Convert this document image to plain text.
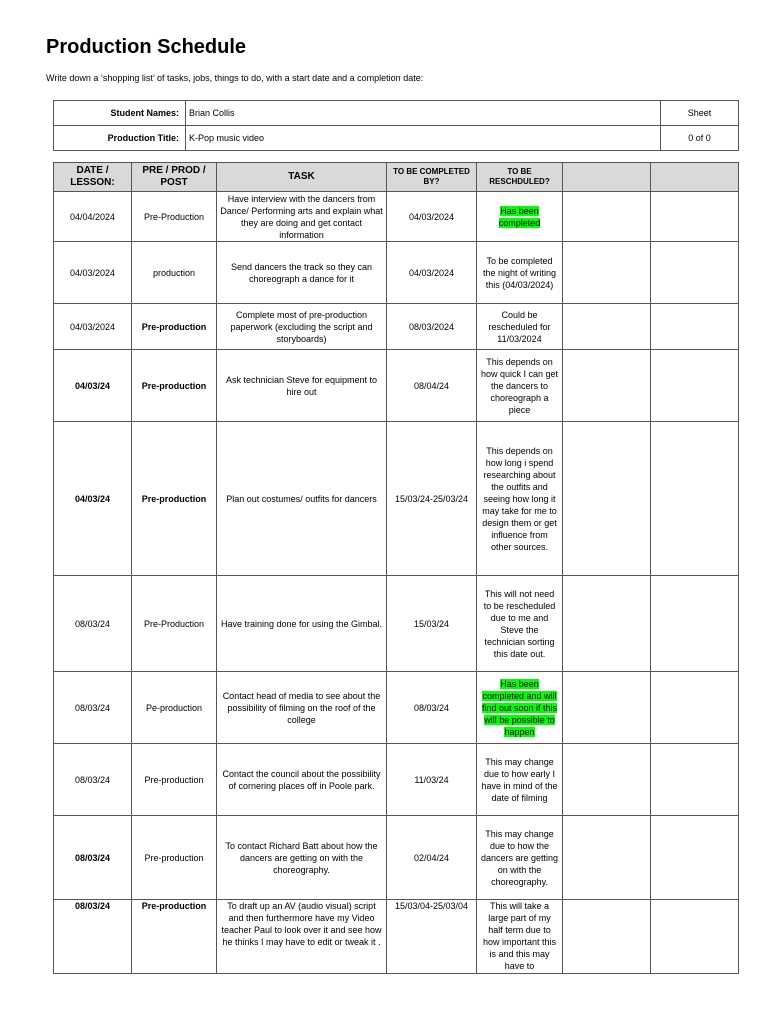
Production Schedule
Write down a ‘shopping list’ of tasks, jobs, things to do, with a start date and a completion date:
Student Names:	Brian Collis	Sheet
Production Title:	K-Pop music video	0 of 0
DATE / LESSON:	PRE / PROD / POST	TASK	TO BE COMPLETED BY?	TO BE RESCHDULED?		
04/04/2024	Pre-Production	Have interview with the dancers from Dance/ Performing arts and explain what they are doing and get contact information	04/03/2024	Has been completed		
04/03/2024	production	Send dancers the track so they can choreograph a dance for it	04/03/2024	To be completed the night of writing this (04/03/2024)		
04/03/2024	Pre-production	Complete most of pre-production paperwork (excluding the script and storyboards)	08/03/2024	Could be rescheduled for 11/03/2024		
04/03/24	Pre-production	Ask technician Steve for equipment to hire out	08/04/24	This depends on how quick I can get the dancers to choreograph a piece		
04/03/24	Pre-production	Plan out costumes/ outfits for dancers	15/03/24-25/03/24	This depends on how long i spend researching about the outfits and seeing how long it may take for me to design them or get influence from other sources.		
08/03/24	Pre-Production	Have training done for using the Gimbal.	15/03/24	This will not need to be rescheduled due to me and Steve the technician sorting this date out.		
08/03/24	Pe-production	Contact head of media to see about the possibility of filming on the roof of the college	08/03/24	Has been completed and will find out soon if this will be possible to happen		
08/03/24	Pre-production	Contact the council about the possibility of cornering places off in Poole park.	11/03/24	This may change due to how early I have in mind of the date of filming		
08/03/24	Pre-production	To contact Richard Batt about how the dancers are getting on with the choreography.	02/04/24	This may change due to how the dancers are getting on with the choreography.		
08/03/24	Pre-production	To draft up an AV (audio visual) script and then furthermore have my Video teacher Paul to look over it and see how he thinks I may have to edit or tweak it .	15/03/04-25/03/04	This will take a large part of my half term due to how important this is and this may have to		
